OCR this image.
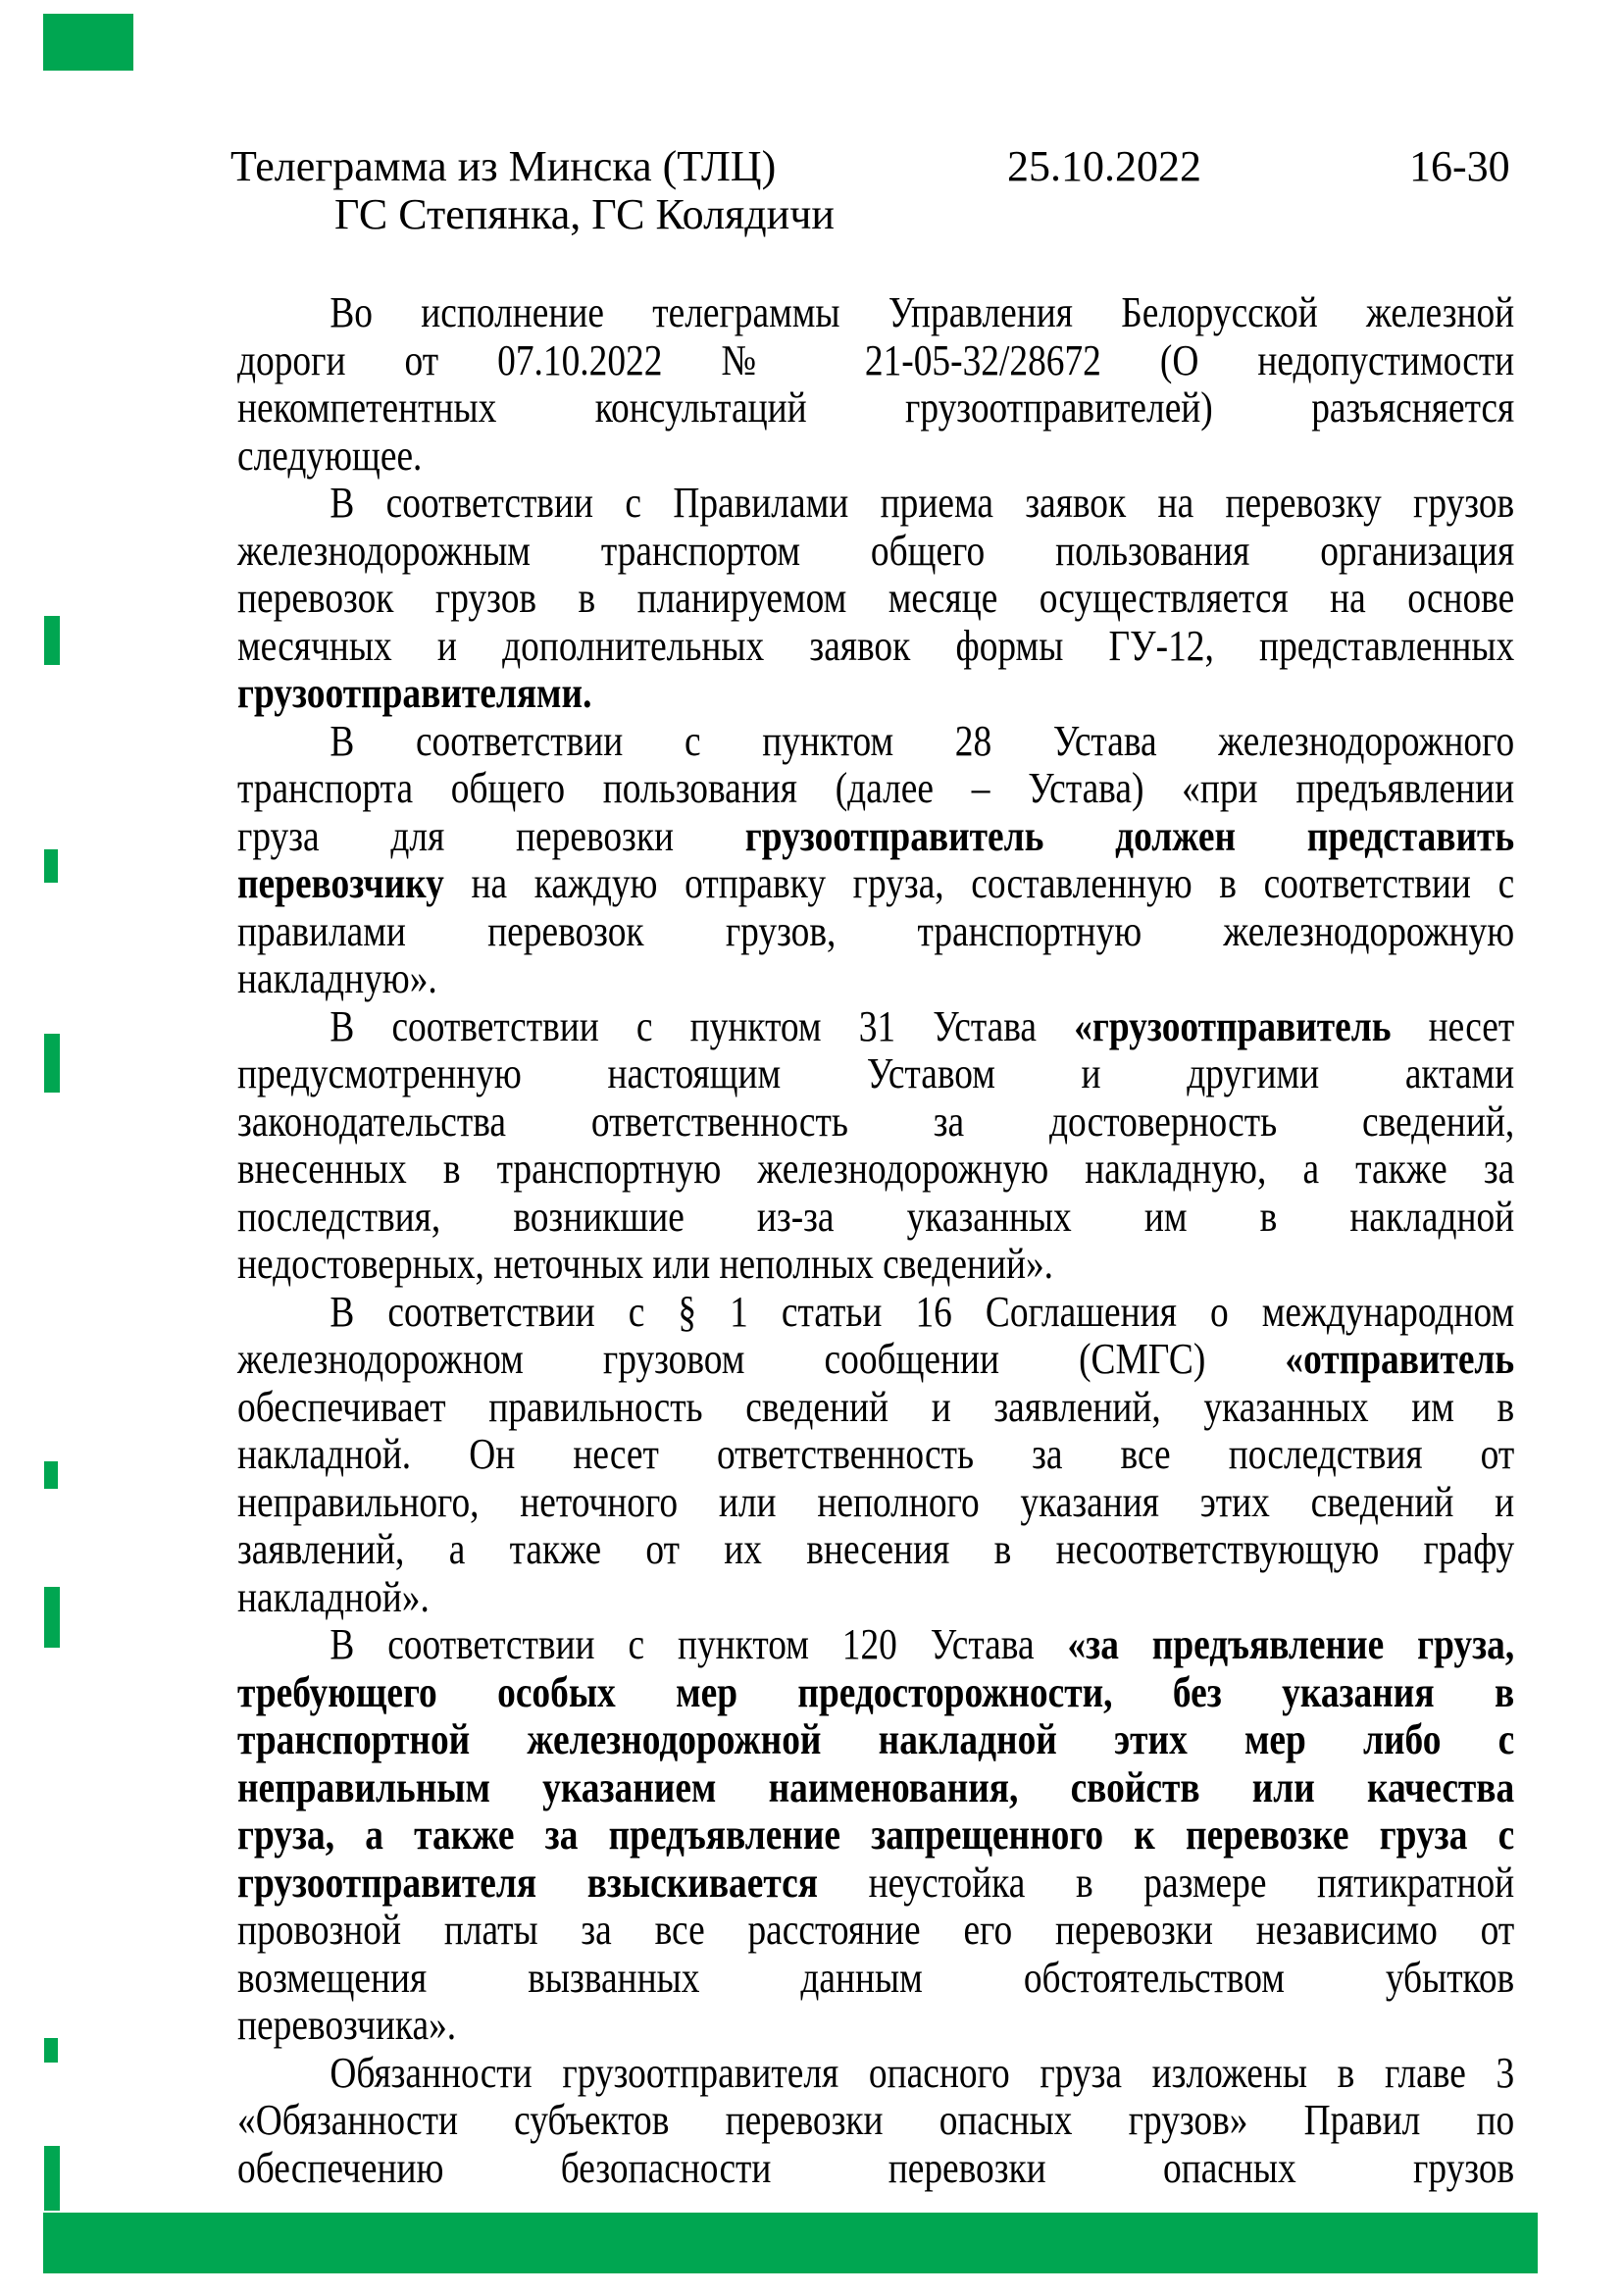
Телеграмма из Минска (ТЛЦ)	25.10.2022	16-30
ГС Степянка, ГС Колядичи
Во исполнение телеграммы Управления Белорусской железной
дороги от 07.10.2022 № 21-05-32/28672 (О недопустимости
некомпетентных консультаций грузоотправителей) разъясняется
следующее.
В соответствии с Правилами приема заявок на перевозку грузов
железнодорожным транспортом общего пользования организация
перевозок грузов в планируемом месяце осуществляется на основе
месячных и дополнительных заявок формы ГУ-12, представленных
грузоотправителями.
В соответствии с пунктом 28 Устава железнодорожного
транспорта общего пользования (далее – Устава) «при предъявлении
груза для перевозки грузоотправитель должен представить
перевозчику на каждую отправку груза, составленную в соответствии с
правилами перевозок грузов, транспортную железнодорожную
накладную».
В соответствии с пунктом 31 Устава «грузоотправитель несет
предусмотренную настоящим Уставом и другими актами
законодательства ответственность за достоверность сведений,
внесенных в транспортную железнодорожную накладную, а также за
последствия, возникшие из-за указанных им в накладной
недостоверных, неточных или неполных сведений».
В соответствии с § 1 статьи 16 Соглашения о международном
железнодорожном грузовом сообщении (СМГС) «отправитель
обеспечивает правильность сведений и заявлений, указанных им в
накладной. Он несет ответственность за все последствия от
неправильного, неточного или неполного указания этих сведений и
заявлений, а также от их внесения в несоответствующую графу
накладной».
В соответствии с пунктом 120 Устава «за предъявление груза,
требующего особых мер предосторожности, без указания в
транспортной железнодорожной накладной этих мер либо с
неправильным указанием наименования, свойств или качества
груза, а также за предъявление запрещенного к перевозке груза с
грузоотправителя взыскивается неустойка в размере пятикратной
провозной платы за все расстояние его перевозки независимо от
возмещения вызванных данным обстоятельством убытков
перевозчика».
Обязанности грузоотправителя опасного груза изложены в главе 3
«Обязанности субъектов перевозки опасных грузов» Правил по
обеспечению безопасности перевозки опасных грузов
